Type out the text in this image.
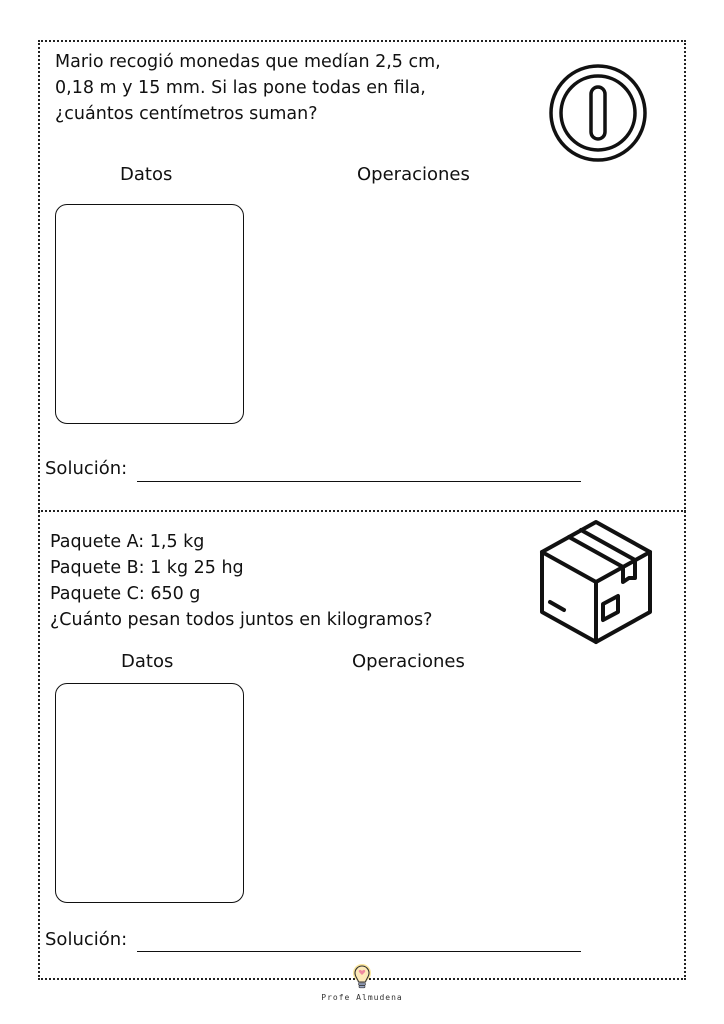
Mario recogió monedas que medían 2,5 cm,
0,18 m y 15 mm. Si las pone todas en fila,
¿cuántos centímetros suman?
Datos	Operaciones
Solución:
Paquete A: 1,5 kg
Paquete B: 1 kg 25 hg
Paquete C: 650 g
¿Cuánto pesan todos juntos en kilogramos?
Datos	Operaciones
Solución:
Profe Almudena
